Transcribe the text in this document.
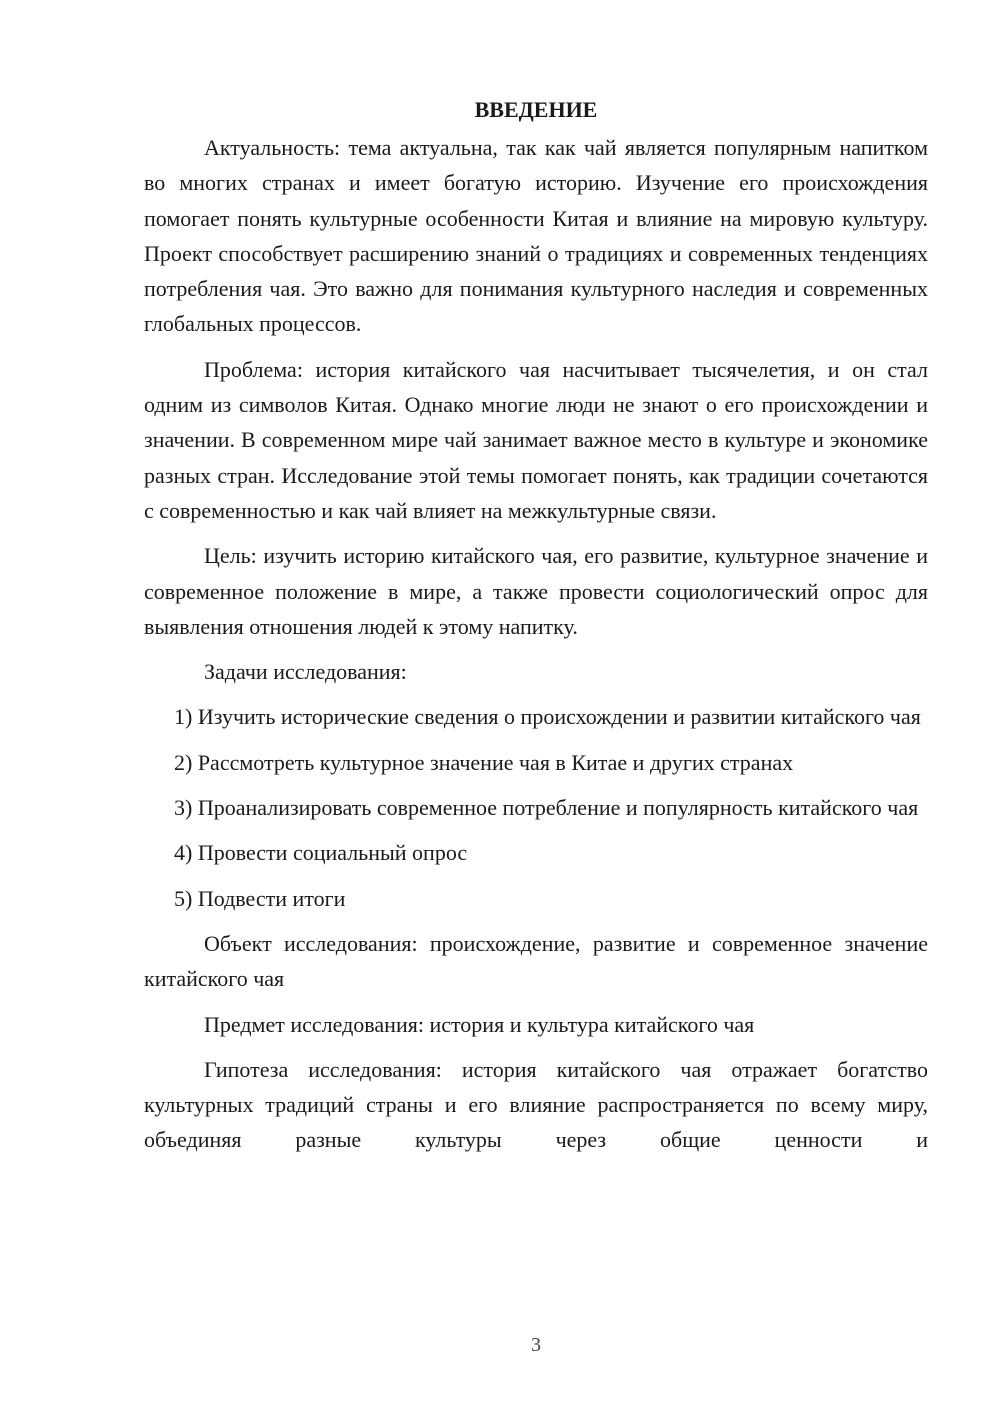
ВВЕДЕНИЕ

Актуальность: тема актуальна, так как чай является популярным напитком во многих странах и имеет богатую историю. Изучение его происхождения помогает понять культурные особенности Китая и влияние на мировую культуру. Проект способствует расширению знаний о традициях и современных тенденциях потребления чая. Это важно для понимания культурного наследия и современных глобальных процессов.

Проблема: история китайского чая насчитывает тысячелетия, и он стал одним из символов Китая. Однако многие люди не знают о его происхождении и значении. В современном мире чай занимает важное место в культуре и экономике разных стран. Исследование этой темы помогает понять, как традиции сочетаются с современностью и как чай влияет на межкультурные связи.

Цель: изучить историю китайского чая, его развитие, культурное значение и современное положение в мире, а также провести социологический опрос для выявления отношения людей к этому напитку.

Задачи исследования:

1) Изучить исторические сведения о происхождении и развитии китайского чая

2) Рассмотреть культурное значение чая в Китае и других странах

3) Проанализировать современное потребление и популярность китайского чая

4) Провести социальный опрос

5) Подвести итоги

Объект исследования: происхождение, развитие и современное значение китайского чая

Предмет исследования: история и культура китайского чая

Гипотеза исследования: история китайского чая отражает богатство культурных традиций страны и его влияние распространяется по всему миру, объединяя разные культуры через общие ценности и

3
